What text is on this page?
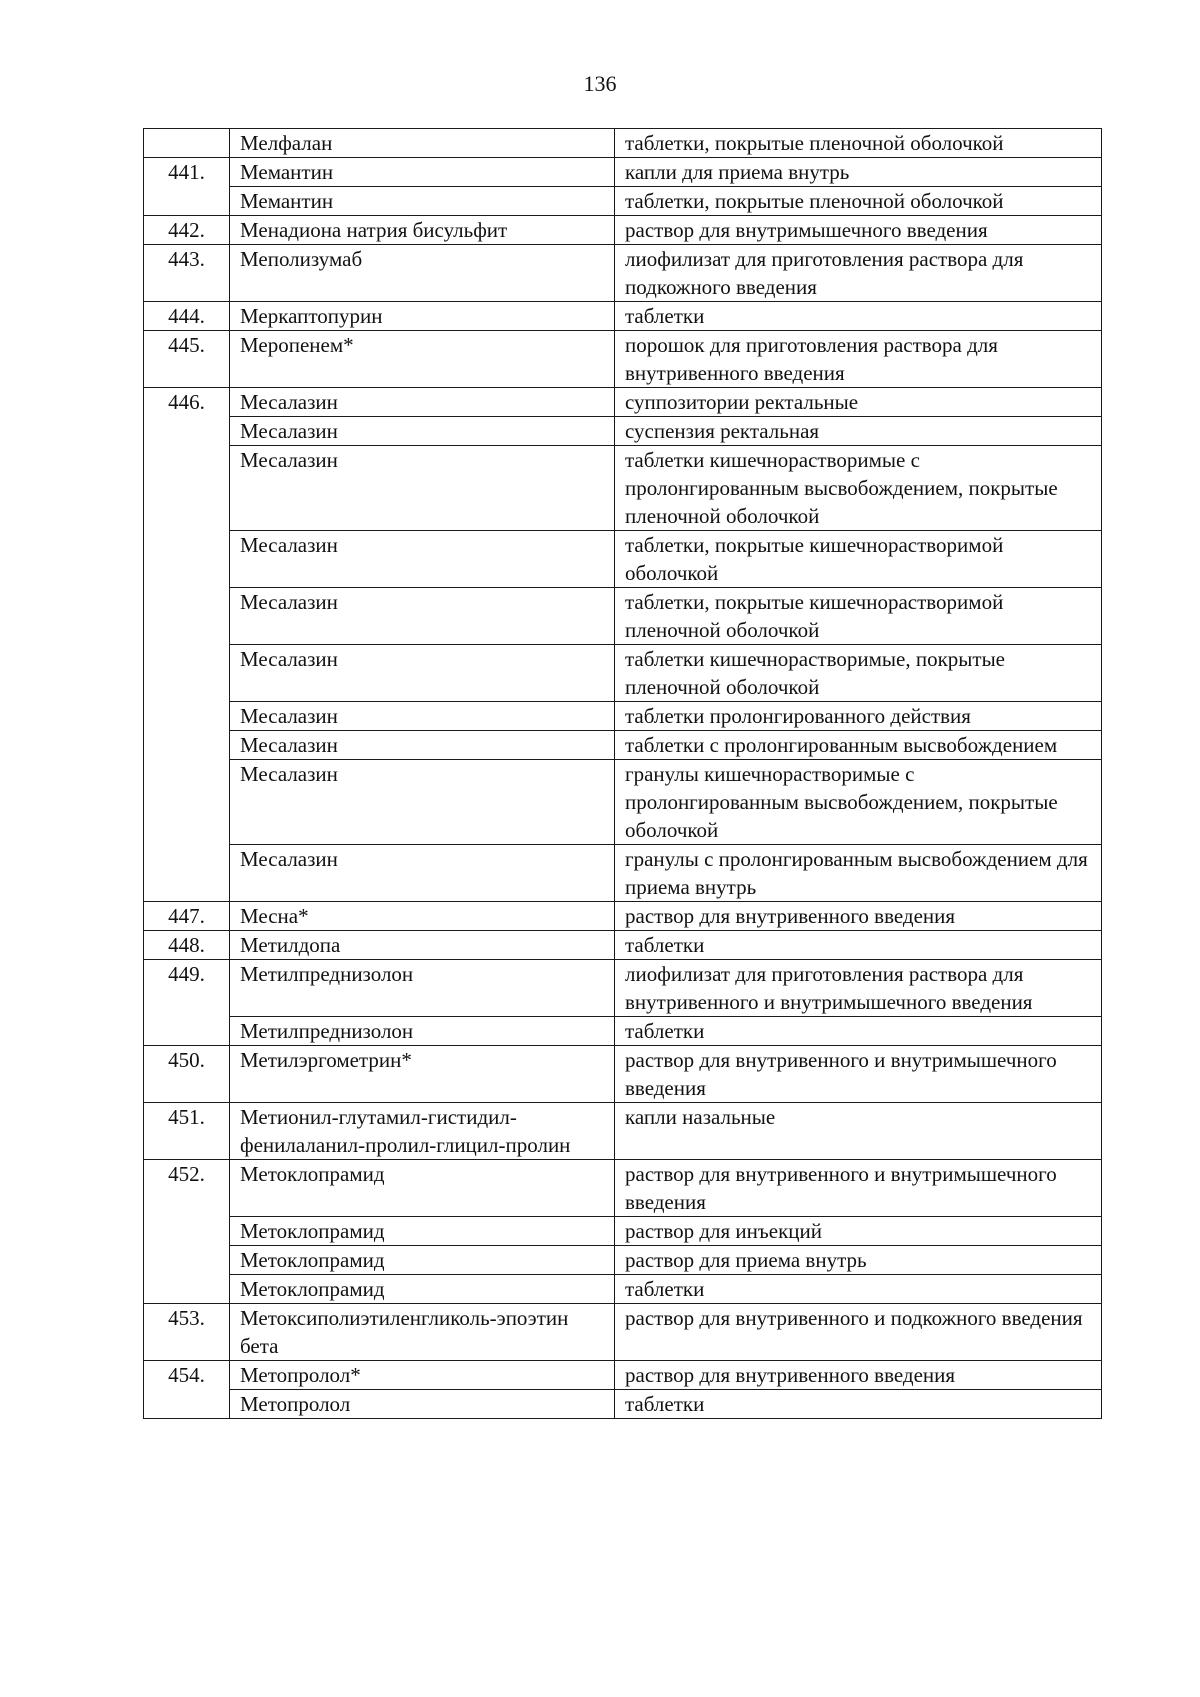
136
	Мелфалан	таблетки, покрытые пленочной оболочкой
441.	Мемантин	капли для приема внутрь
	Мемантин	таблетки, покрытые пленочной оболочкой
442.	Менадиона натрия бисульфит	раствор для внутримышечного введения
443.	Меполизумаб	лиофилизат для приготовления раствора для подкожного введения
444.	Меркаптопурин	таблетки
445.	Меропенем*	порошок для приготовления раствора для внутривенного введения
446.	Месалазин	суппозитории ректальные
	Месалазин	суспензия ректальная
	Месалазин	таблетки кишечнорастворимые с пролонгированным высвобождением, покрытые пленочной оболочкой
	Месалазин	таблетки, покрытые кишечнорастворимой оболочкой
	Месалазин	таблетки, покрытые кишечнорастворимой пленочной оболочкой
	Месалазин	таблетки кишечнорастворимые, покрытые пленочной оболочкой
	Месалазин	таблетки пролонгированного действия
	Месалазин	таблетки с пролонгированным высвобождением
	Месалазин	гранулы кишечнорастворимые с пролонгированным высвобождением, покрытые оболочкой
	Месалазин	гранулы с пролонгированным высвобождением для приема внутрь
447.	Месна*	раствор для внутривенного введения
448.	Метилдопа	таблетки
449.	Метилпреднизолон	лиофилизат для приготовления раствора для внутривенного и внутримышечного введения
	Метилпреднизолон	таблетки
450.	Метилэргометрин*	раствор для внутривенного и внутримышечного введения
451.	Метионил-глутамил-гистидил-фенилаланил-пролил-глицил-пролин	капли назальные
452.	Метоклопрамид	раствор для внутривенного и внутримышечного введения
	Метоклопрамид	раствор для инъекций
	Метоклопрамид	раствор для приема внутрь
	Метоклопрамид	таблетки
453.	Метоксиполиэтиленгликоль-эпоэтин бета	раствор для внутривенного и подкожного введения
454.	Метопролол*	раствор для внутривенного введения
	Метопролол	таблетки
